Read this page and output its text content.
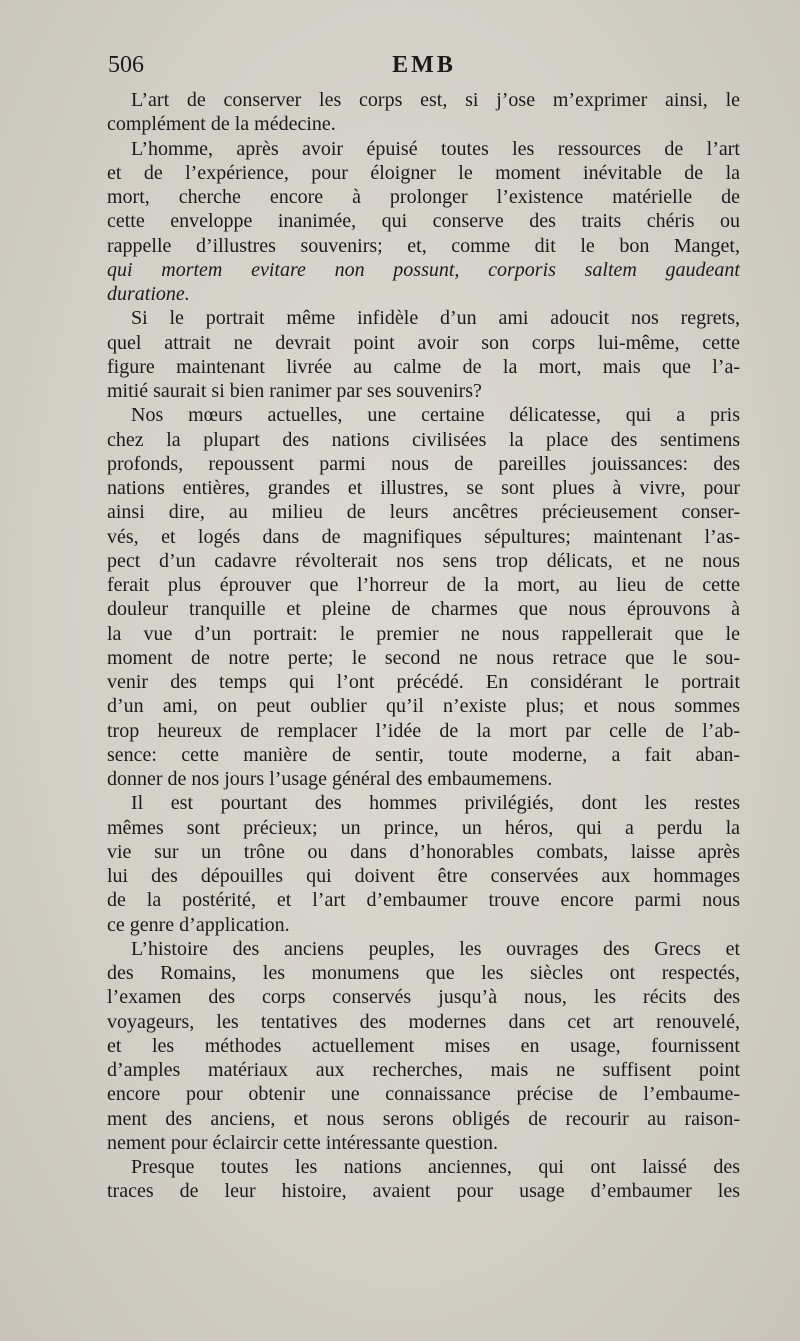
506	EMB
L’art de conserver les corps est, si j’ose m’exprimer ainsi, le
complément de la médecine.
L’homme, après avoir épuisé toutes les ressources de l’art
et de l’expérience, pour éloigner le moment inévitable de la
mort, cherche encore à prolonger l’existence matérielle de
cette enveloppe inanimée, qui conserve des traits chéris ou
rappelle d’illustres souvenirs; et, comme dit le bon Manget,
qui mortem evitare non possunt, corporis saltem gaudeant
duratione.
Si le portrait même infidèle d’un ami adoucit nos regrets,
quel attrait ne devrait point avoir son corps lui-même, cette
figure maintenant livrée au calme de la mort, mais que l’a-
mitié saurait si bien ranimer par ses souvenirs?
Nos mœurs actuelles, une certaine délicatesse, qui a pris
chez la plupart des nations civilisées la place des sentimens
profonds, repoussent parmi nous de pareilles jouissances: des
nations entières, grandes et illustres, se sont plues à vivre, pour
ainsi dire, au milieu de leurs ancêtres précieusement conser-
vés, et logés dans de magnifiques sépultures; maintenant l’as-
pect d’un cadavre révolterait nos sens trop délicats, et ne nous
ferait plus éprouver que l’horreur de la mort, au lieu de cette
douleur tranquille et pleine de charmes que nous éprouvons à
la vue d’un portrait: le premier ne nous rappellerait que le
moment de notre perte; le second ne nous retrace que le sou-
venir des temps qui l’ont précédé. En considérant le portrait
d’un ami, on peut oublier qu’il n’existe plus; et nous sommes
trop heureux de remplacer l’idée de la mort par celle de l’ab-
sence: cette manière de sentir, toute moderne, a fait aban-
donner de nos jours l’usage général des embaumemens.
Il est pourtant des hommes privilégiés, dont les restes
mêmes sont précieux; un prince, un héros, qui a perdu la
vie sur un trône ou dans d’honorables combats, laisse après
lui des dépouilles qui doivent être conservées aux hommages
de la postérité, et l’art d’embaumer trouve encore parmi nous
ce genre d’application.
L’histoire des anciens peuples, les ouvrages des Grecs et
des Romains, les monumens que les siècles ont respectés,
l’examen des corps conservés jusqu’à nous, les récits des
voyageurs, les tentatives des modernes dans cet art renouvelé,
et les méthodes actuellement mises en usage, fournissent
d’amples matériaux aux recherches, mais ne suffisent point
encore pour obtenir une connaissance précise de l’embaume-
ment des anciens, et nous serons obligés de recourir au raison-
nement pour éclaircir cette intéressante question.
Presque toutes les nations anciennes, qui ont laissé des
traces de leur histoire, avaient pour usage d’embaumer les
